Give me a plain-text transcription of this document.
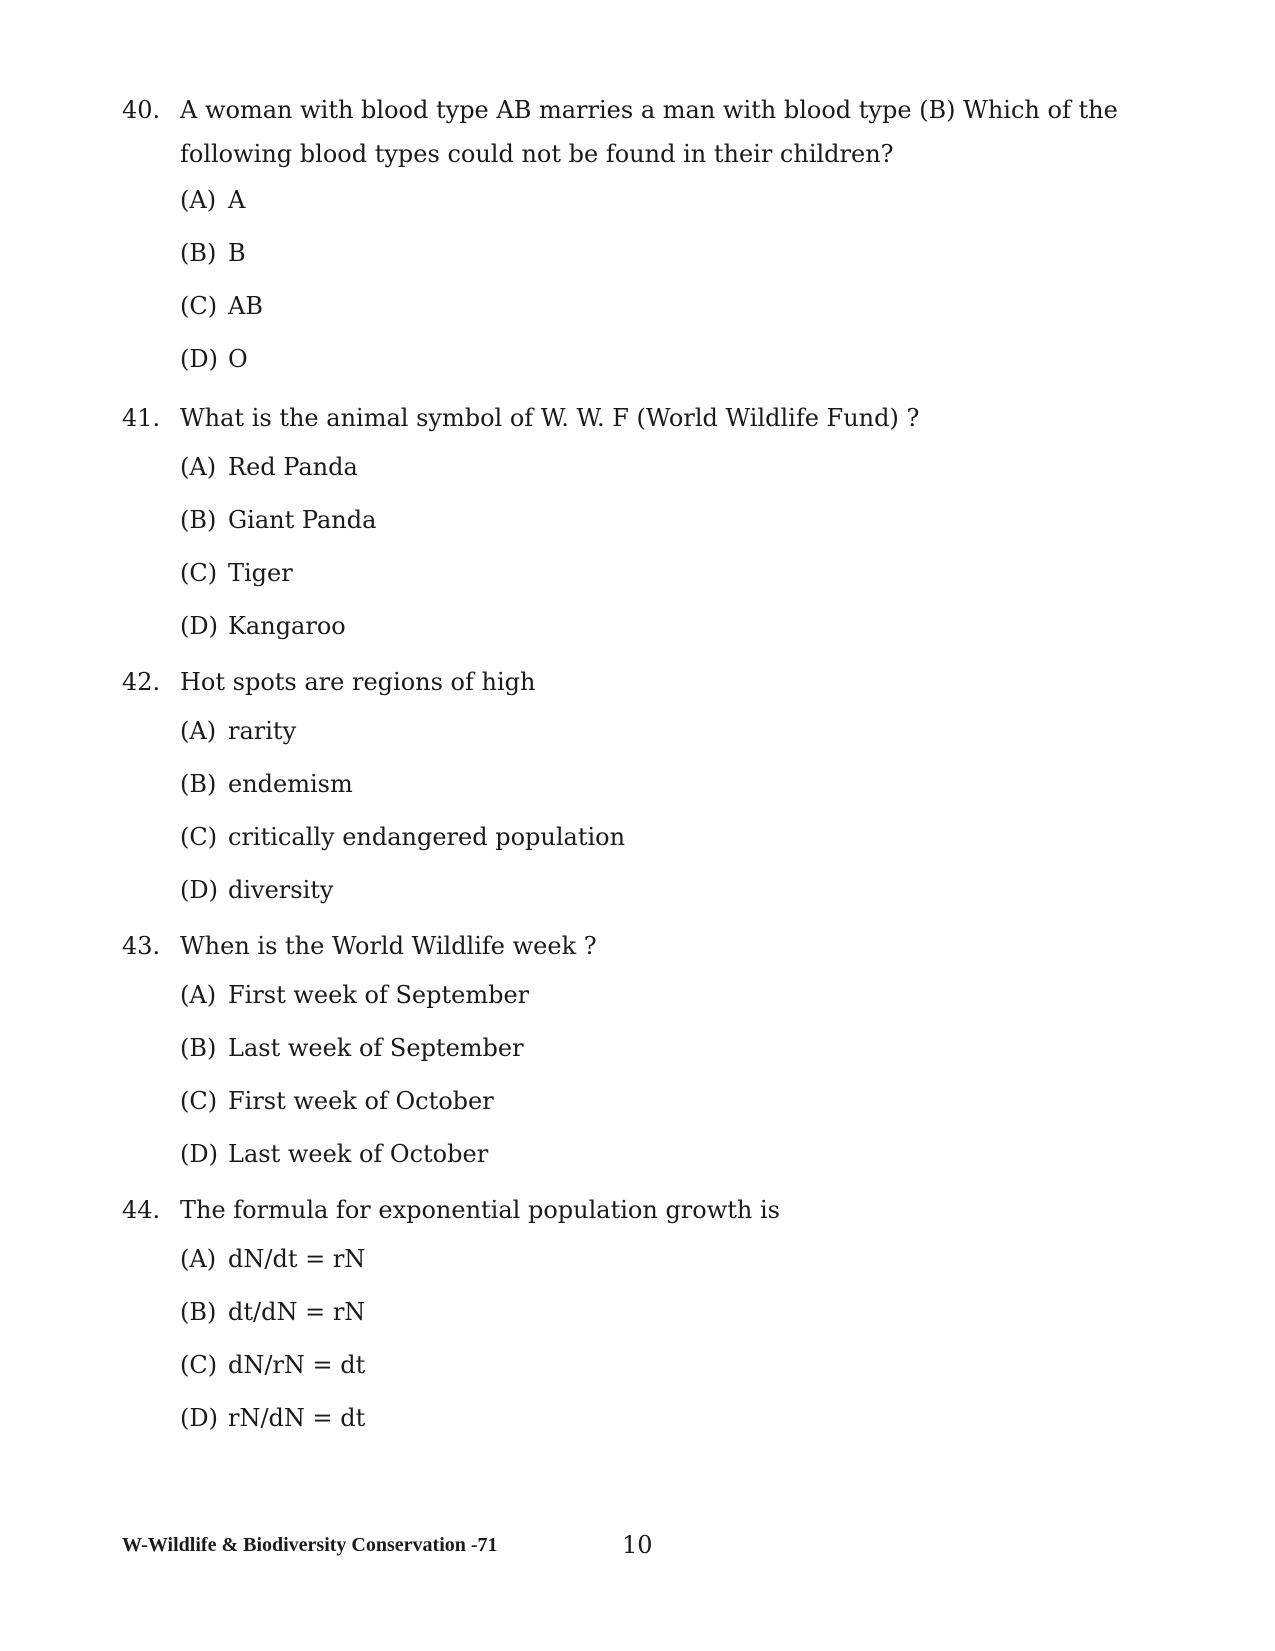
40. A woman with blood type AB marries a man with blood type (B) Which of the following blood types could not be found in their children?
(A) A
(B) B
(C) AB
(D) O
41. What is the animal symbol of W. W. F (World Wildlife Fund) ?
(A) Red Panda
(B) Giant Panda
(C) Tiger
(D) Kangaroo
42. Hot spots are regions of high
(A) rarity
(B) endemism
(C) critically endangered population
(D) diversity
43. When is the World Wildlife week ?
(A) First week of September
(B) Last week of September
(C) First week of October
(D) Last week of October
44. The formula for exponential population growth is
(A) dN/dt = rN
(B) dt/dN = rN
(C) dN/rN = dt
(D) rN/dN = dt
W-Wildlife & Biodiversity Conservation -71	10
